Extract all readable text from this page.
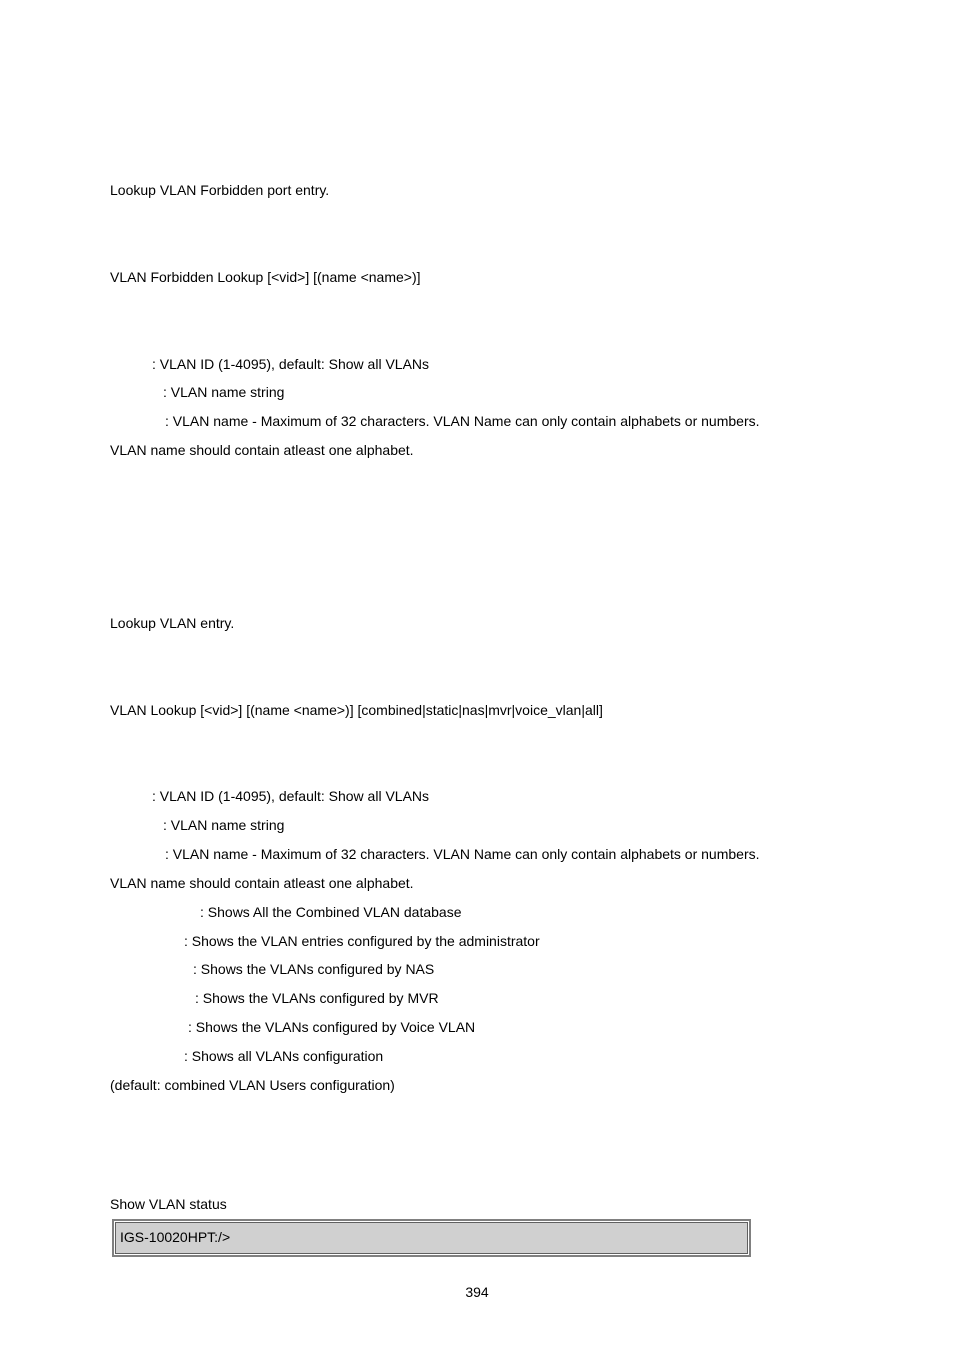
Lookup VLAN Forbidden port entry.
VLAN Forbidden Lookup [<vid>] [(name <name>)]
: VLAN ID (1-4095), default: Show all VLANs
: VLAN name string
: VLAN name - Maximum of 32 characters. VLAN Name can only contain alphabets or numbers.
VLAN name should contain atleast one alphabet.
Lookup VLAN entry.
VLAN Lookup [<vid>] [(name <name>)] [combined|static|nas|mvr|voice_vlan|all]
: VLAN ID (1-4095), default: Show all VLANs
: VLAN name string
: VLAN name - Maximum of 32 characters. VLAN Name can only contain alphabets or numbers.
VLAN name should contain atleast one alphabet.
: Shows All the Combined VLAN database
: Shows the VLAN entries configured by the administrator
: Shows the VLANs configured by NAS
: Shows the VLANs configured by MVR
: Shows the VLANs configured by Voice VLAN
: Shows all VLANs configuration
(default: combined VLAN Users configuration)
Show VLAN status
IGS-10020HPT:/>
394
